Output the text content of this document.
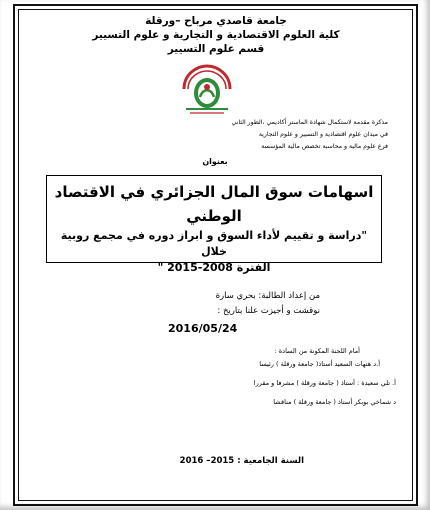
جامعة قاصدي مرباح –ورقلة
كلية العلوم الاقتصادية و التجارية و علوم التسيير
قسم علوم التسيير
مذكرة مقدمة لاستكمال شهادة الماستر أكاديمي ،الطور الثاني
في ميدان علوم اقتصادية و التسيير و علوم التجارية
فرع علوم مالية و محاسبة تخصص مالية المؤسسة
بعنوان
اسهامات سوق المال الجزائري في الاقتصاد
الوطني
"دراسة و تقييم لأداء السوق و ابراز دوره في مجمع روبية خلال
الفترة 2008-2015 "
من إعداد الطالبة: بحري سارة
نوقشت و أجيزت علنا بتاريخ :
2016/05/24
أمام اللجنة المكونة من السادة :
أ.د هتهات السعيد أستاذ( جامعة ورقلة ) رئيسا
أ. تلي سعيدة : أستاذ ( جامعة ورقلة ) مشرفا و مقررا
د شماخي بوبكر أستاذ ( جامعة ورقلة ) مناقشا
السنة الجامعية : 2015– 2016
